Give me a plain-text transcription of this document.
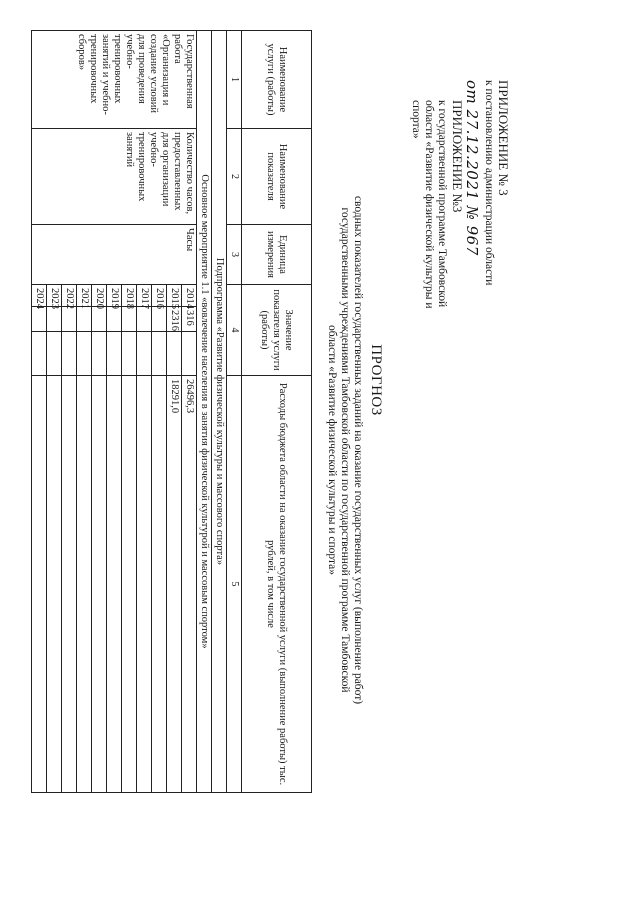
ПРИЛОЖЕНИЕ № 3
к постановлению администрации области
от 27.12.2021 № 967
ПРИЛОЖЕНИЕ №3
к государственной программе Тамбовской области «Развитие физической культуры и спорта»
ПРОГНОЗ
сводных показателей государственных заданий на оказание государственных услуг (выполнение работ) государственными учреждениями Тамбовской области по государственной программе Тамбовской области «Развитие физической культуры и спорта»
Наименование услуги (работы)	Наименование показателя	Единица измерения	Значение показателя услуги (работы)			Расходы бюджета области на оказание государственной услуги (выполнение работы) тыс. рублей, в том числе
1	2	3	4			5
Подпрограмма «Развитие физической культуры и массового спорта»						
Основное мероприятие 1.1 «вовлечение населения в занятия физической культурой и массовым спортом»						
Государственная работа «Организация и создание условий для проведения учебно-тренировочных занятий и учебно-тренировочных сборов»	Количество часов, предоставленных для организации учебно-тренировочных занятий	Часы	2014	316		26496,3
			2015	2316		18291,0
			2016			
			2017			
			2018			
			2019			
			2020			
			2021			
			2022			
			2023			
			2024			
